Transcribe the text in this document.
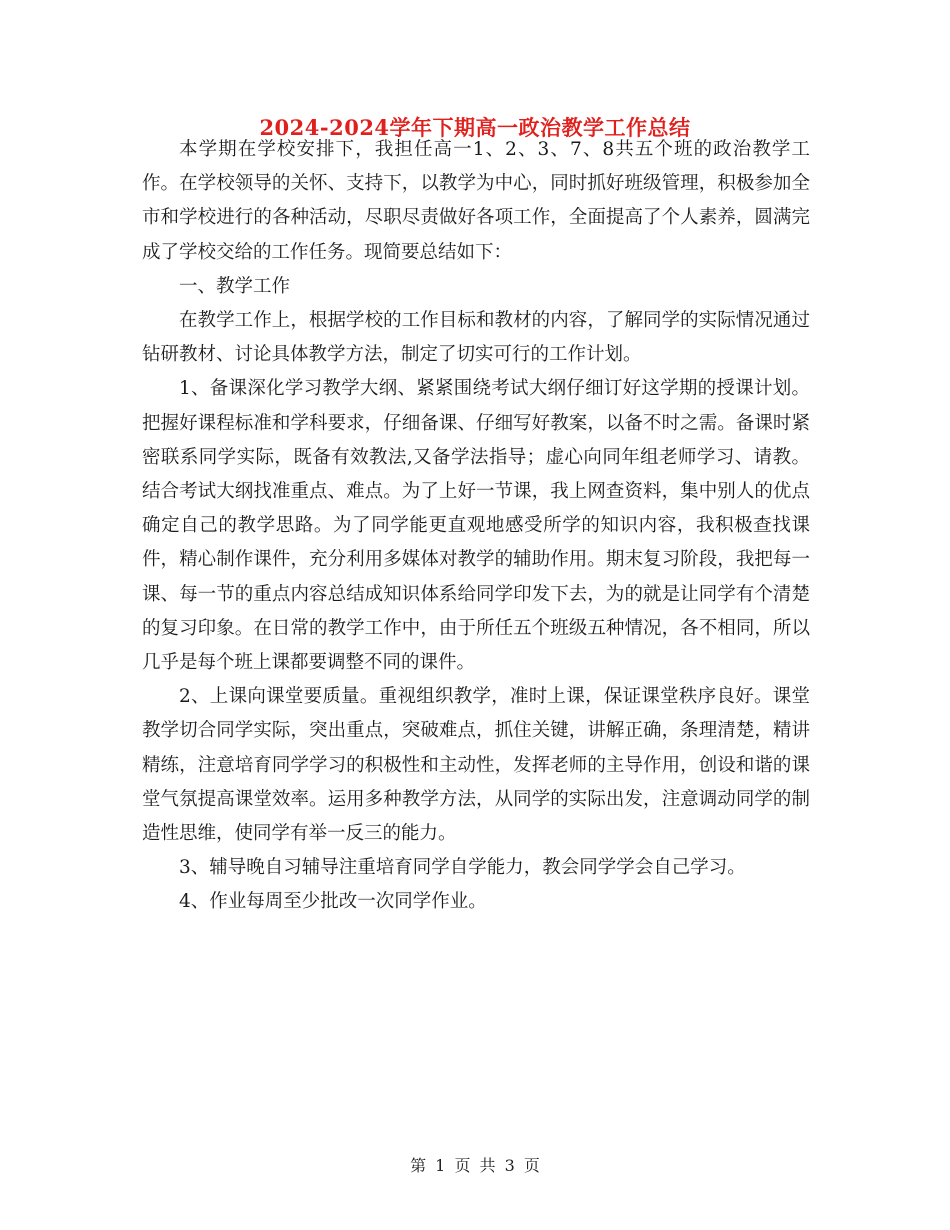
2024-2024学年下期高一政治教学工作总结

本学期在学校安排下，我担任高一1、2、3、7、8共五个班的政治教学工作。在学校领导的关怀、支持下，以教学为中心，同时抓好班级管理，积极参加全市和学校进行的各种活动，尽职尽责做好各项工作，全面提高了个人素养，圆满完成了学校交给的工作任务。现简要总结如下：

一、教学工作

在教学工作上，根据学校的工作目标和教材的内容，了解同学的实际情况通过钻研教材、讨论具体教学方法，制定了切实可行的工作计划。

1、备课深化学习教学大纲、紧紧围绕考试大纲仔细订好这学期的授课计划。把握好课程标准和学科要求，仔细备课、仔细写好教案，以备不时之需。备课时紧密联系同学实际，既备有效教法,又备学法指导；虚心向同年组老师学习、请教。结合考试大纲找准重点、难点。为了上好一节课，我上网查资料，集中别人的优点确定自己的教学思路。为了同学能更直观地感受所学的知识内容，我积极查找课件，精心制作课件，充分利用多媒体对教学的辅助作用。期末复习阶段，我把每一课、每一节的重点内容总结成知识体系给同学印发下去，为的就是让同学有个清楚的复习印象。在日常的教学工作中，由于所任五个班级五种情况，各不相同，所以几乎是每个班上课都要调整不同的课件。

2、上课向课堂要质量。重视组织教学，准时上课，保证课堂秩序良好。课堂教学切合同学实际，突出重点，突破难点，抓住关键，讲解正确，条理清楚，精讲精练，注意培育同学学习的积极性和主动性，发挥老师的主导作用，创设和谐的课堂气氛提高课堂效率。运用多种教学方法，从同学的实际出发，注意调动同学的制造性思维，使同学有举一反三的能力。

3、辅导晚自习辅导注重培育同学自学能力，教会同学学会自己学习。

4、作业每周至少批改一次同学作业。

第 1 页 共 3 页
